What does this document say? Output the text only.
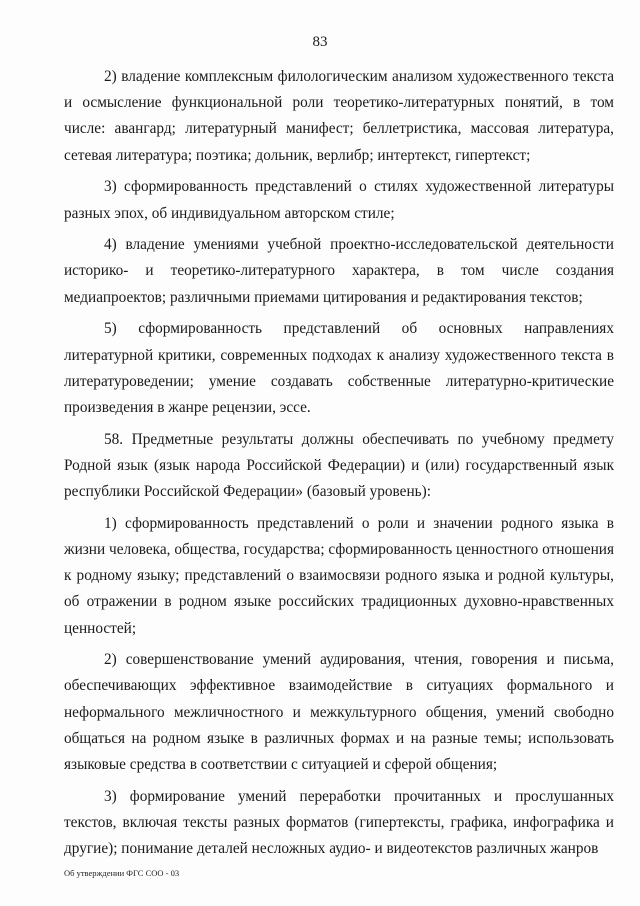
83

2) владение комплексным филологическим анализом художественного текста и осмысление функциональной роли теоретико-литературных понятий, в том числе: авангард; литературный манифест; беллетристика, массовая литература, сетевая литература; поэтика; дольник, верлибр; интертекст, гипертекст;

3) сформированность представлений о стилях художественной литературы разных эпох, об индивидуальном авторском стиле;

4) владение умениями учебной проектно-исследовательской деятельности историко- и теоретико-литературного характера, в том числе создания медиапроектов; различными приемами цитирования и редактирования текстов;

5) сформированность представлений об основных направлениях литературной критики, современных подходах к анализу художественного текста в литературоведении; умение создавать собственные литературно-критические произведения в жанре рецензии, эссе.

58. Предметные результаты должны обеспечивать по учебному предмету Родной язык (язык народа Российской Федерации) и (или) государственный язык республики Российской Федерации» (базовый уровень):

1) сформированность представлений о роли и значении родного языка в жизни человека, общества, государства; сформированность ценностного отношения к родному языку; представлений о взаимосвязи родного языка и родной культуры, об отражении в родном языке российских традиционных духовно-нравственных ценностей;

2) совершенствование умений аудирования, чтения, говорения и письма, обеспечивающих эффективное взаимодействие в ситуациях формального и неформального межличностного и межкультурного общения, умений свободно общаться на родном языке в различных формах и на разные темы; использовать языковые средства в соответствии с ситуацией и сферой общения;

3) формирование умений переработки прочитанных и прослушанных текстов, включая тексты разных форматов (гипертексты, графика, инфографика и другие); понимание деталей несложных аудио- и видеотекстов различных жанров

Об утверждении ФГС СОО - 03
